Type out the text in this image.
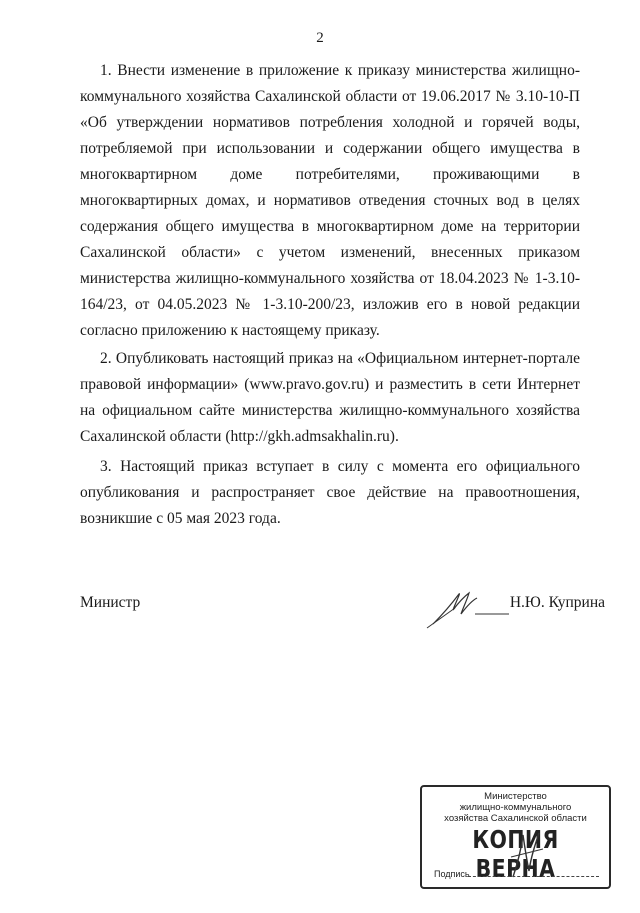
2

1. Внести изменение в приложение к приказу министерства жилищно-коммунального хозяйства Сахалинской области от 19.06.2017 № 3.10-10-П «Об утверждении нормативов потребления холодной и горячей воды, потребляемой при использовании и содержании общего имущества в многоквартирном доме потребителями, проживающими в многоквартирных домах, и нормативов отведения сточных вод в целях содержания общего имущества в многоквартирном доме на территории Сахалинской области» с учетом изменений, внесенных приказом министерства жилищно-коммунального хозяйства от 18.04.2023 № 1-3.10-164/23, от 04.05.2023 № 1-3.10-200/23, изложив его в новой редакции согласно приложению к настоящему приказу.

2. Опубликовать настоящий приказ на «Официальном интернет-портале правовой информации» (www.pravo.gov.ru) и разместить в сети Интернет на официальном сайте министерства жилищно-коммунального хозяйства Сахалинской области (http://gkh.admsakhalin.ru).

3. Настоящий приказ вступает в силу с момента его официального опубликования и распространяет свое действие на правоотношения, возникшие с 05 мая 2023 года.

Министр	Н.Ю. Куприна
Министерство
жилищно-коммунального
хозяйства Сахалинской области
КОПИЯ ВЕРНА
Подпись
